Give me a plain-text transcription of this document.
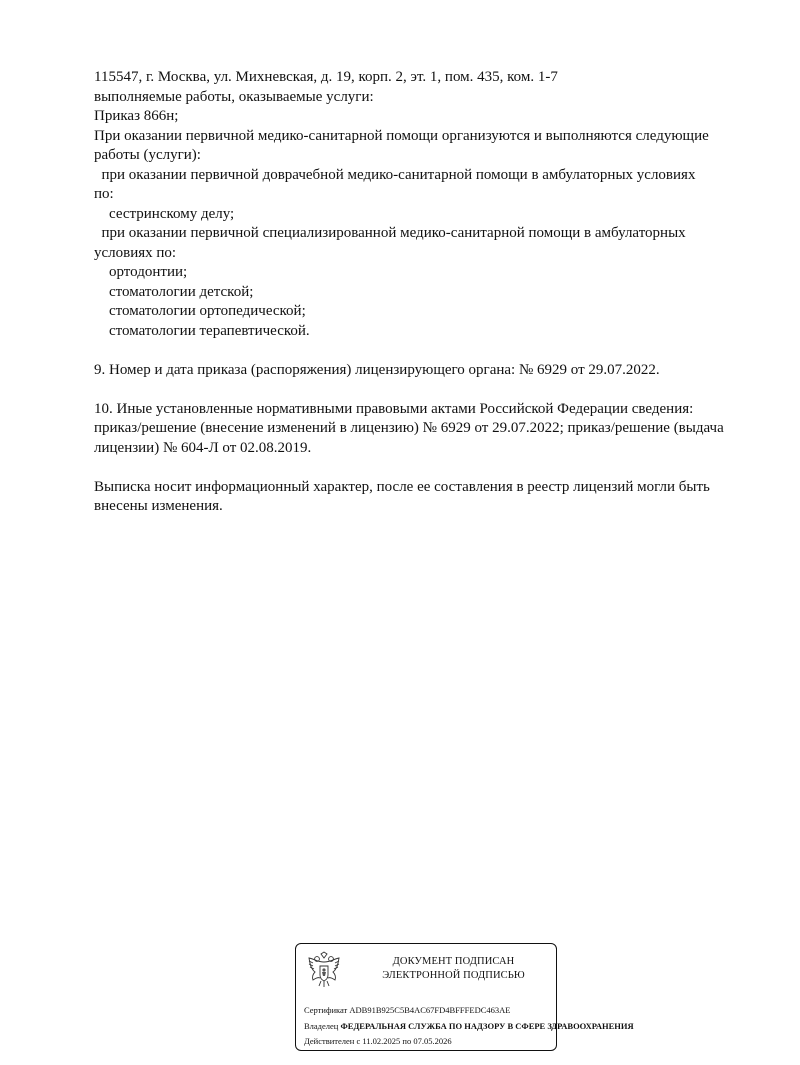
115547, г. Москва, ул. Михневская, д. 19, корп. 2, эт. 1, пом. 435, ком. 1-7
выполняемые работы, оказываемые услуги:
Приказ 866н;
При оказании первичной медико-санитарной помощи организуются и выполняются следующие
работы (услуги):
при оказании первичной доврачебной медико-санитарной помощи в амбулаторных условиях
по:
сестринскому делу;
при оказании первичной специализированной медико-санитарной помощи в амбулаторных
условиях по:
ортодонтии;
стоматологии детской;
стоматологии ортопедической;
стоматологии терапевтической.
9. Номер и дата приказа (распоряжения) лицензирующего органа: № 6929 от 29.07.2022.
10. Иные установленные нормативными правовыми актами Российской Федерации сведения:
приказ/решение (внесение изменений в лицензию) № 6929 от 29.07.2022; приказ/решение (выдача
лицензии) № 604-Л от 02.08.2019.
Выписка носит информационный характер, после ее составления в реестр лицензий могли быть
внесены изменения.
ДОКУМЕНТ ПОДПИСАН
ЭЛЕКТРОННОЙ ПОДПИСЬЮ
Сертификат ADB91B925C5B4AC67FD4BFFFEDC463AE
Владелец ФЕДЕРАЛЬНАЯ СЛУЖБА ПО НАДЗОРУ В СФЕРЕ ЗДРАВООХРАНЕНИЯ
Действителен с 11.02.2025 по 07.05.2026
